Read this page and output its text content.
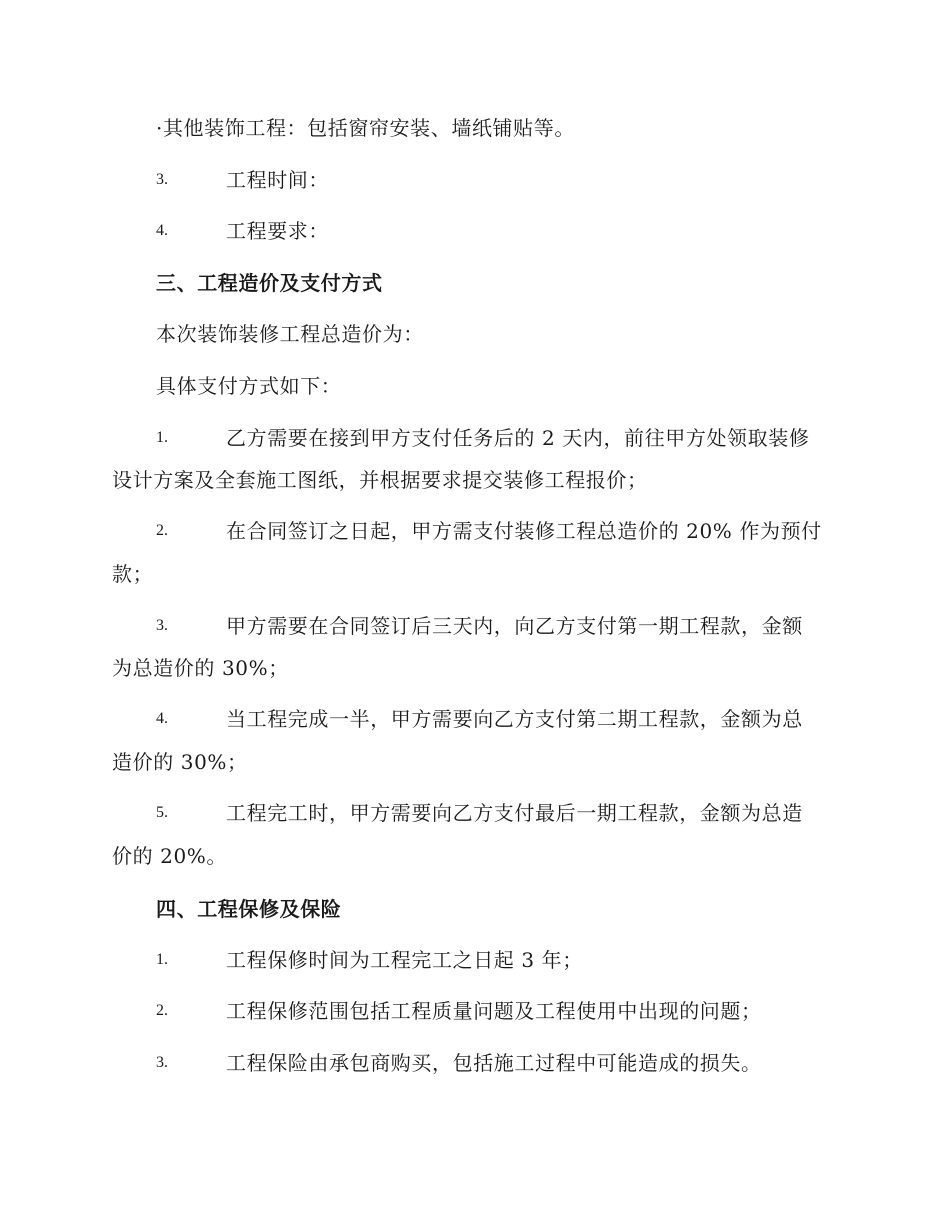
·其他装饰工程：包括窗帘安装、墙纸铺贴等。
3.	工程时间：
4.	工程要求：
三、工程造价及支付方式
本次装饰装修工程总造价为：
具体支付方式如下：
1.	乙方需要在接到甲方支付任务后的 2 天内，前往甲方处领取装修
设计方案及全套施工图纸，并根据要求提交装修工程报价；
2.	在合同签订之日起，甲方需支付装修工程总造价的 20% 作为预付
款；
3.	甲方需要在合同签订后三天内，向乙方支付第一期工程款，金额
为总造价的 30%；
4.	当工程完成一半，甲方需要向乙方支付第二期工程款，金额为总
造价的 30%；
5.	工程完工时，甲方需要向乙方支付最后一期工程款，金额为总造
价的 20%。
四、工程保修及保险
1.	工程保修时间为工程完工之日起 3 年；
2.	工程保修范围包括工程质量问题及工程使用中出现的问题；
3.	工程保险由承包商购买，包括施工过程中可能造成的损失。
